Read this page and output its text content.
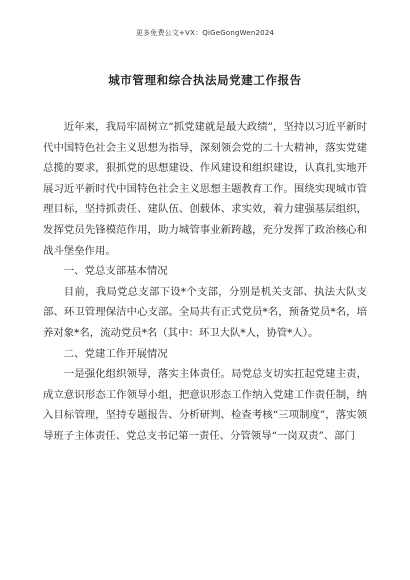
更多免费公文+VX：QiGeGongWen2024
城市管理和综合执法局党建工作报告

近年来，我局牢固树立“抓党建就是最大政绩”，坚持以习近平新时代中国特色社会主义思想为指导，深刻领会党的二十大精神，落实党建总揽的要求，狠抓党的思想建设、作风建设和组织建设，认真扎实地开展习近平新时代中国特色社会主义思想主题教育工作。围绕实现城市管理目标，坚持抓责任、建队伍、创载体、求实效，着力建强基层组织，发挥党员先锋模范作用，助力城管事业新跨越，充分发挥了政治核心和战斗堡垒作用。

一、党总支部基本情况

目前，我局党总支部下设*个支部，分别是机关支部、执法大队支部、环卫管理保洁中心支部。全局共有正式党员*名，预备党员*名，培养对象*名，流动党员*名（其中：环卫大队*人，协管*人）。

二、党建工作开展情况

一是强化组织领导，落实主体责任。局党总支切实扛起党建主责，成立意识形态工作领导小组，把意识形态工作纳入党建工作责任制，纳入目标管理，坚持专题报告、分析研判、检查考核“三项制度”，落实领导班子主体责任、党总支书记第一责任、分管领导“一岗双责”、部门
